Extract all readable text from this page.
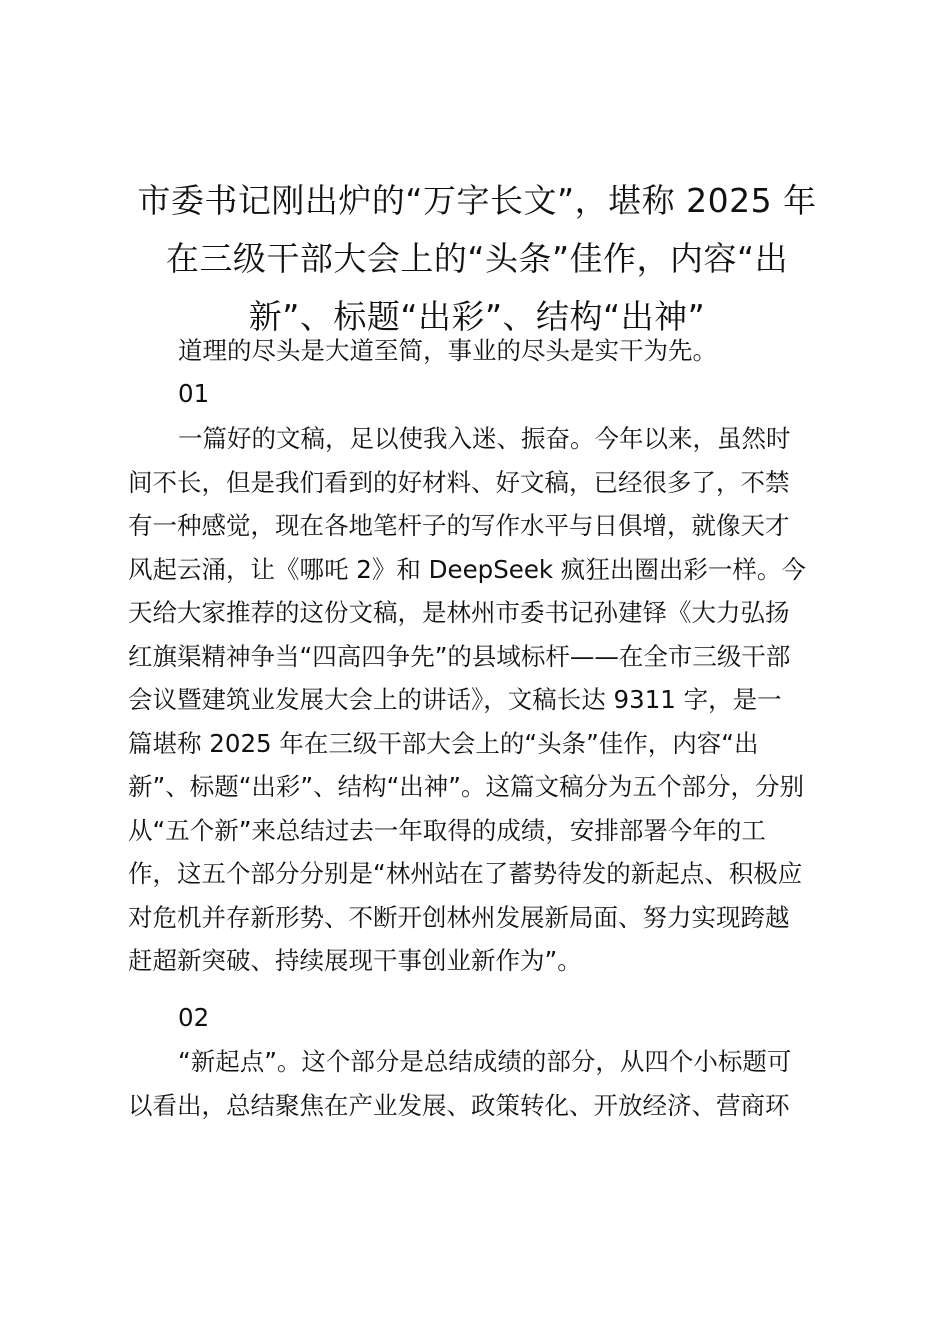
市委书记刚出炉的“万字长文”，堪称 2025 年
在三级干部大会上的“头条”佳作，内容“出
新”、标题“出彩”、结构“出神”

道理的尽头是大道至简，事业的尽头是实干为先。

01

一篇好的文稿，足以使我入迷、振奋。今年以来，虽然时
间不长，但是我们看到的好材料、好文稿，已经很多了，不禁
有一种感觉，现在各地笔杆子的写作水平与日俱增，就像天才
风起云涌，让《哪吒 2》和 DeepSeek 疯狂出圈出彩一样。今
天给大家推荐的这份文稿，是林州市委书记孙建铎《大力弘扬
红旗渠精神争当“四高四争先”的县域标杆——在全市三级干部
会议暨建筑业发展大会上的讲话》，文稿长达 9311 字，是一
篇堪称 2025 年在三级干部大会上的“头条”佳作，内容“出
新”、标题“出彩”、结构“出神”。这篇文稿分为五个部分，分别
从“五个新”来总结过去一年取得的成绩，安排部署今年的工
作，这五个部分分别是“林州站在了蓄势待发的新起点、积极应
对危机并存新形势、不断开创林州发展新局面、努力实现跨越
赶超新突破、持续展现干事创业新作为”。

02

“新起点”。这个部分是总结成绩的部分，从四个小标题可
以看出，总结聚焦在产业发展、政策转化、开放经济、营商环
